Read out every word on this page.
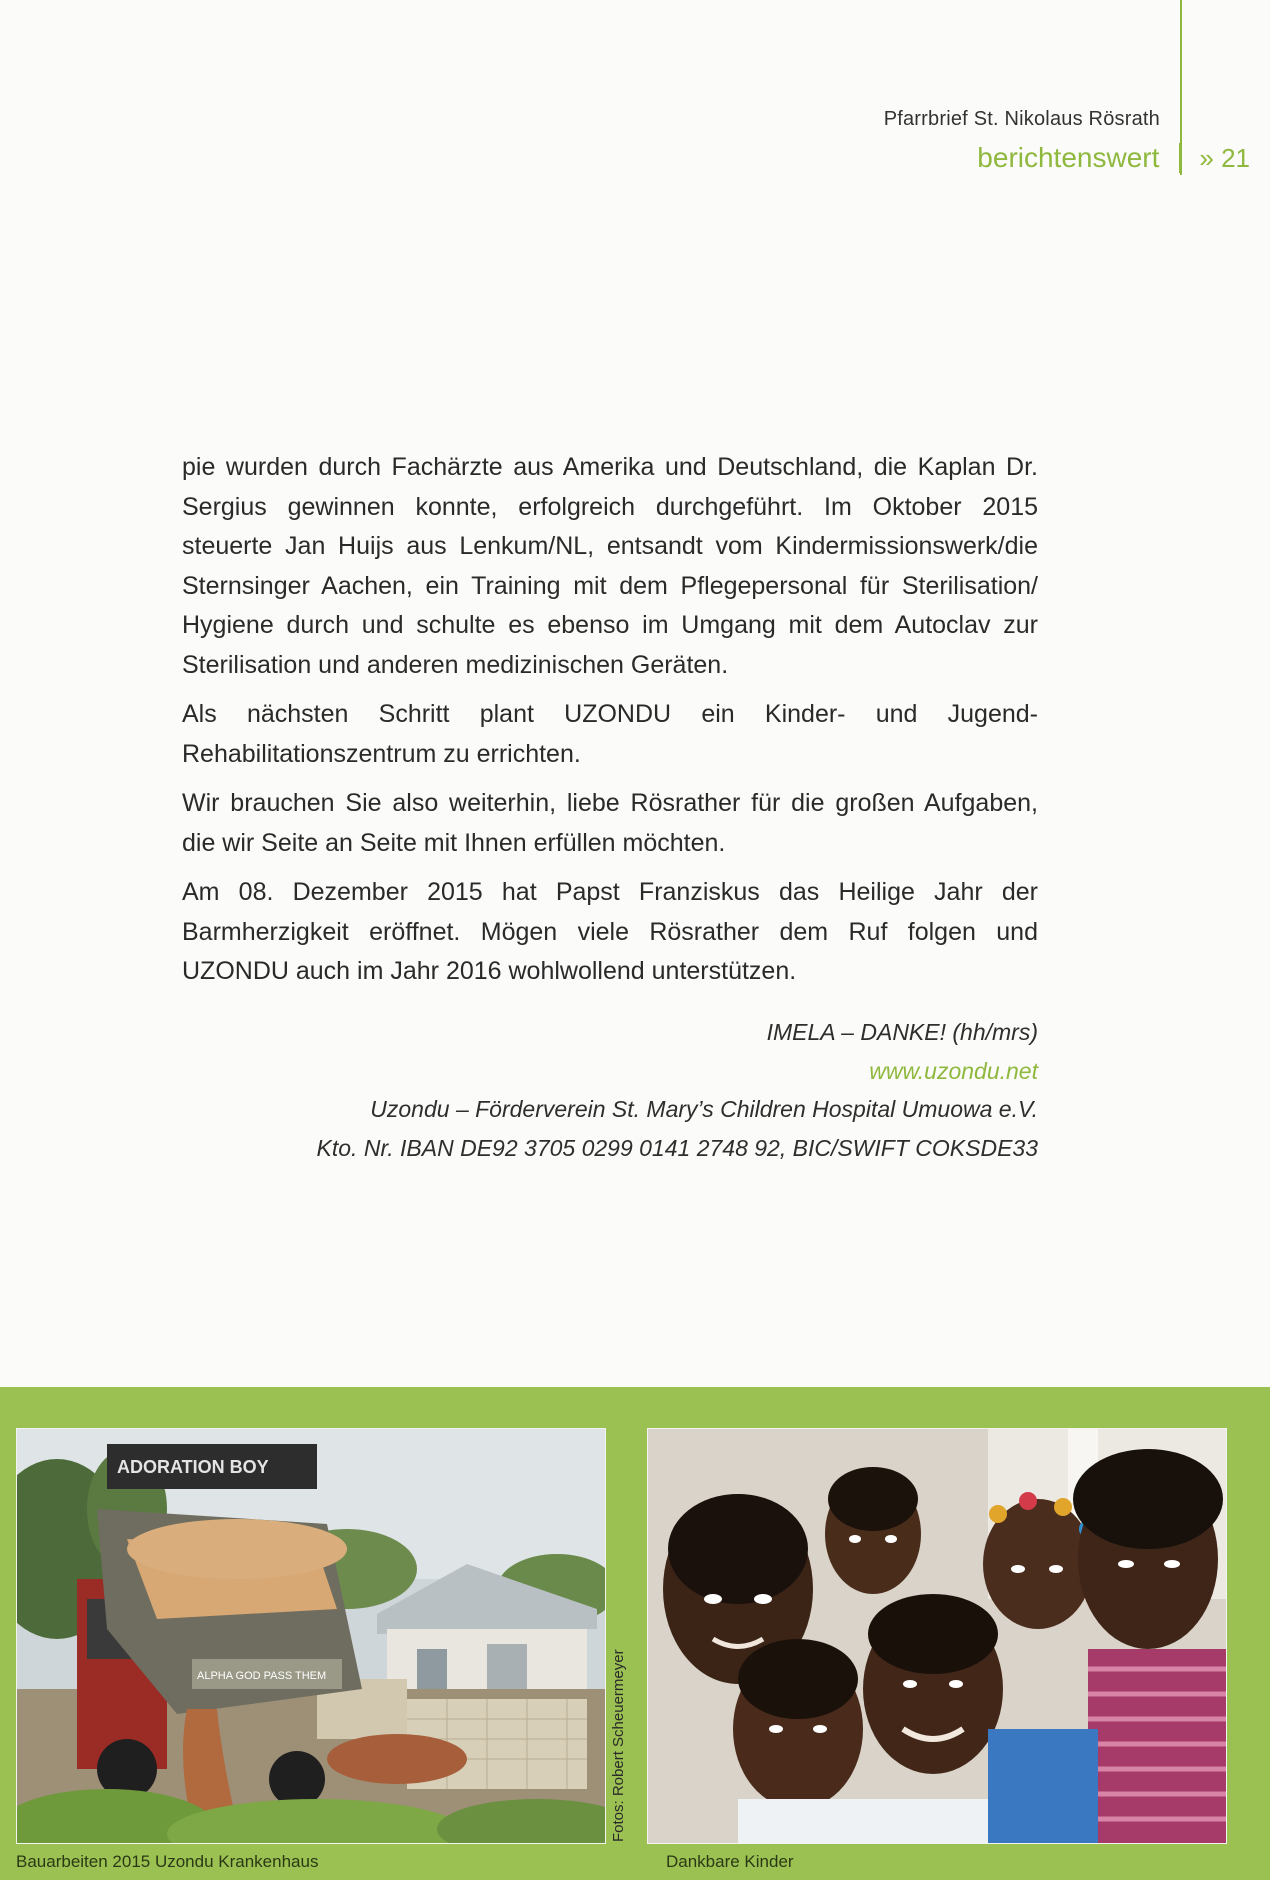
Pfarrbrief St. Nikolaus Rösrath
berichtenswert » 21

pie wurden durch Fachärzte aus Amerika und Deutschland, die Kaplan Dr. Sergius gewinnen konnte, erfolgreich durchgeführt. Im Oktober 2015 steuerte Jan Huijs aus Lenkum/NL, entsandt vom Kindermissionswerk/die Sternsinger Aachen, ein Training mit dem Pflegepersonal für Sterilisation/ Hygiene durch und schulte es ebenso im Umgang mit dem Autoclav zur Sterilisation und anderen medizinischen Geräten.

Als nächsten Schritt plant UZONDU ein Kinder- und Jugend-Rehabilitationszentrum zu errichten.

Wir brauchen Sie also weiterhin, liebe Rösrather für die großen Aufgaben, die wir Seite an Seite mit Ihnen erfüllen möchten.

Am 08. Dezember 2015 hat Papst Franziskus das Heilige Jahr der Barmherzigkeit eröffnet. Mögen viele Rösrather dem Ruf folgen und UZONDU auch im Jahr 2016 wohlwollend unterstützen.

IMELA – DANKE! (hh/mrs)
www.uzondu.net
Uzondu – Förderverein St. Mary’s Children Hospital Umuowa e.V.
Kto. Nr. IBAN DE92 3705 0299 0141 2748 92, BIC/SWIFT COKSDE33
ADORATION BOY
ALPHA GOD PASS THEM	Fotos: Robert Scheuermeyer
Bauarbeiten 2015 Uzondu Krankenhaus	Dankbare Kinder
